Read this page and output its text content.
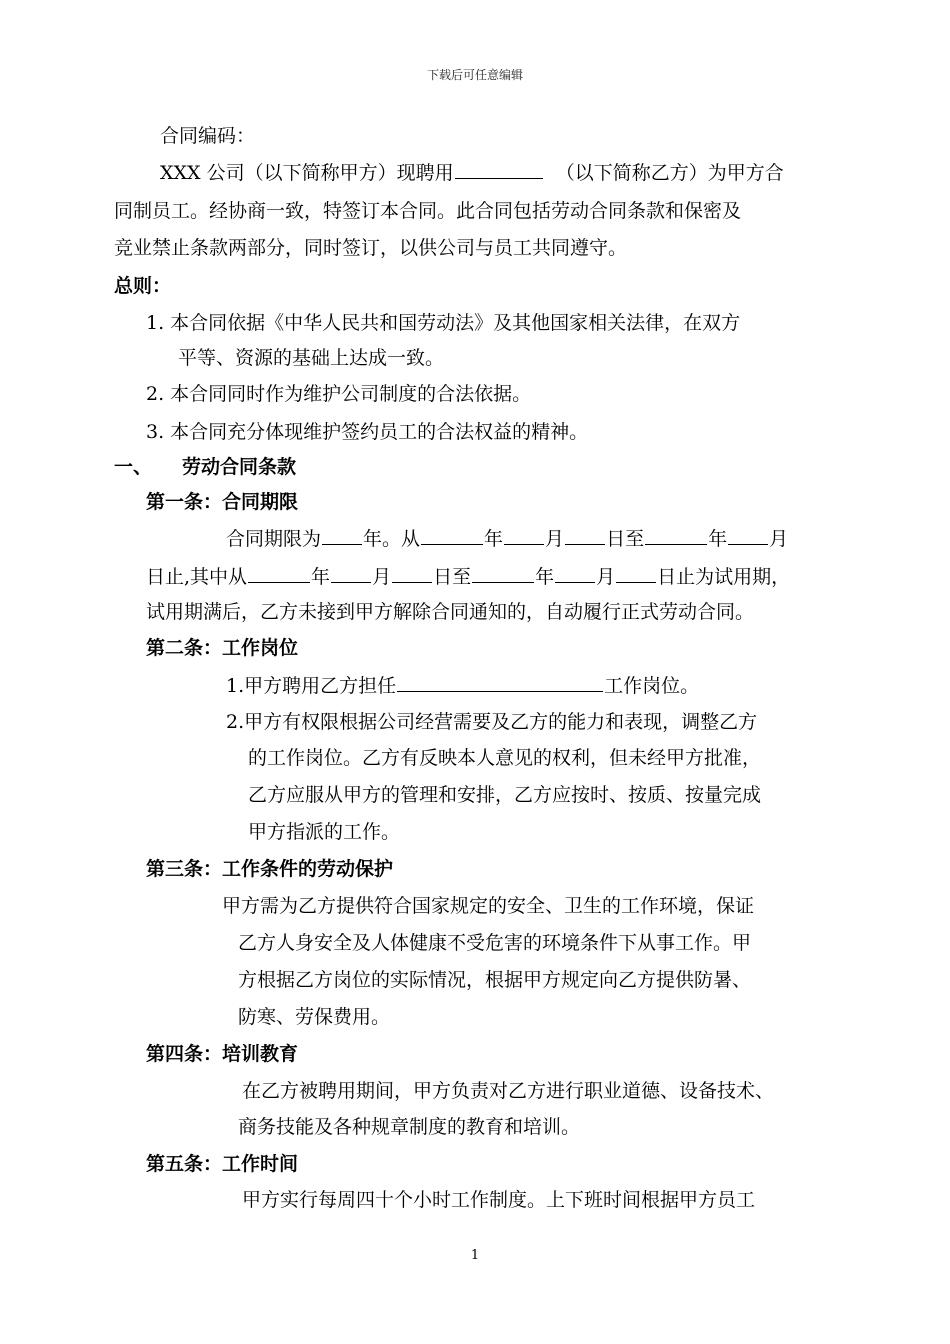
下载后可任意编辑
合同编码：
XXX 公司（以下简称甲方）现聘用	（以下简称乙方）为甲方合
同制员工。经协商一致，特签订本合同。此合同包括劳动合同条款和保密及
竞业禁止条款两部分，同时签订，以供公司与员工共同遵守。
总则：
1. 本合同依据《中华人民共和国劳动法》及其他国家相关法律，在双方
平等、资源的基础上达成一致。
2. 本合同同时作为维护公司制度的合法依据。
3. 本合同充分体现维护签约员工的合法权益的精神。
一、 劳动合同条款
第一条：合同期限
合同期限为 年。从	年 月 日至	年 月
日止,其中从	年 月 日至	年 月 日止为试用期，
试用期满后，乙方未接到甲方解除合同通知的，自动履行正式劳动合同。
第二条：工作岗位
1.甲方聘用乙方担任	工作岗位。
2.甲方有权限根据公司经营需要及乙方的能力和表现，调整乙方
的工作岗位。乙方有反映本人意见的权利，但未经甲方批准，
乙方应服从甲方的管理和安排，乙方应按时、按质、按量完成
甲方指派的工作。
第三条：工作条件的劳动保护
甲方需为乙方提供符合国家规定的安全、卫生的工作环境，保证
乙方人身安全及人体健康不受危害的环境条件下从事工作。甲
方根据乙方岗位的实际情况，根据甲方规定向乙方提供防暑、
防寒、劳保费用。
第四条：培训教育
在乙方被聘用期间，甲方负责对乙方进行职业道德、设备技术、
商务技能及各种规章制度的教育和培训。
第五条：工作时间
甲方实行每周四十个小时工作制度。上下班时间根据甲方员工
1
